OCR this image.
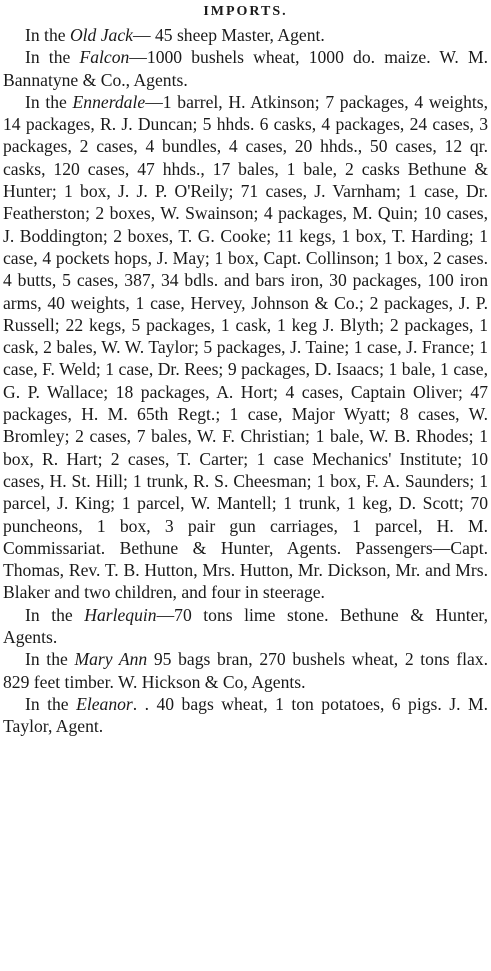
IMPORTS.

In the Old Jack— 45 sheep Master, Agent.

In the Falcon—1000 bushels wheat, 1000 do. maize. W. M. Bannatyne & Co., Agents.

In the Ennerdale—1 barrel, H. Atkinson; 7 packages, 4 weights, 14 packages, R. J. Duncan; 5 hhds. 6 casks, 4 packages, 24 cases, 3 packages, 2 cases, 4 bundles, 4 cases, 20 hhds., 50 cases, 12 qr. casks, 120 cases, 47 hhds., 17 bales, 1 bale, 2 casks Bethune & Hunter; 1 box, J. J. P. O'Reily; 71 cases, J. Varnham; 1 case, Dr. Featherston; 2 boxes, W. Swainson; 4 packages, M. Quin; 10 cases, J. Boddington; 2 boxes, T. G. Cooke; 11 kegs, 1 box, T. Harding; 1 case, 4 pockets hops, J. May; 1 box, Capt. Collinson; 1 box, 2 cases. 4 butts, 5 cases, 387, 34 bdls. and bars iron, 30 packages, 100 iron arms, 40 weights, 1 case, Hervey, Johnson & Co.; 2 packages, J. P. Russell; 22 kegs, 5 packages, 1 cask, 1 keg J. Blyth; 2 packages, 1 cask, 2 bales, W. W. Taylor; 5 packages, J. Taine; 1 case, J. France; 1 case, F. Weld; 1 case, Dr. Rees; 9 packages, D. Isaacs; 1 bale, 1 case, G. P. Wallace; 18 packages, A. Hort; 4 cases, Captain Oliver; 47 packages, H. M. 65th Regt.; 1 case, Major Wyatt; 8 cases, W. Bromley; 2 cases, 7 bales, W. F. Christian; 1 bale, W. B. Rhodes; 1 box, R. Hart; 2 cases, T. Carter; 1 case Mechanics' Institute; 10 cases, H. St. Hill; 1 trunk, R. S. Cheesman; 1 box, F. A. Saunders; 1 parcel, J. King; 1 parcel, W. Mantell; 1 trunk, 1 keg, D. Scott; 70 puncheons, 1 box, 3 pair gun carriages, 1 parcel, H. M. Commissariat. Bethune & Hunter, Agents. Passengers—Capt. Thomas, Rev. T. B. Hutton, Mrs. Hutton, Mr. Dickson, Mr. and Mrs. Blaker and two children, and four in steerage.

In the Harlequin—70 tons lime stone. Bethune & Hunter, Agents.

In the Mary Ann 95 bags bran, 270 bushels wheat, 2 tons flax. 829 feet timber. W. Hickson & Co, Agents.

In the Eleanor. . 40 bags wheat, 1 ton potatoes, 6 pigs. J. M. Taylor, Agent.
